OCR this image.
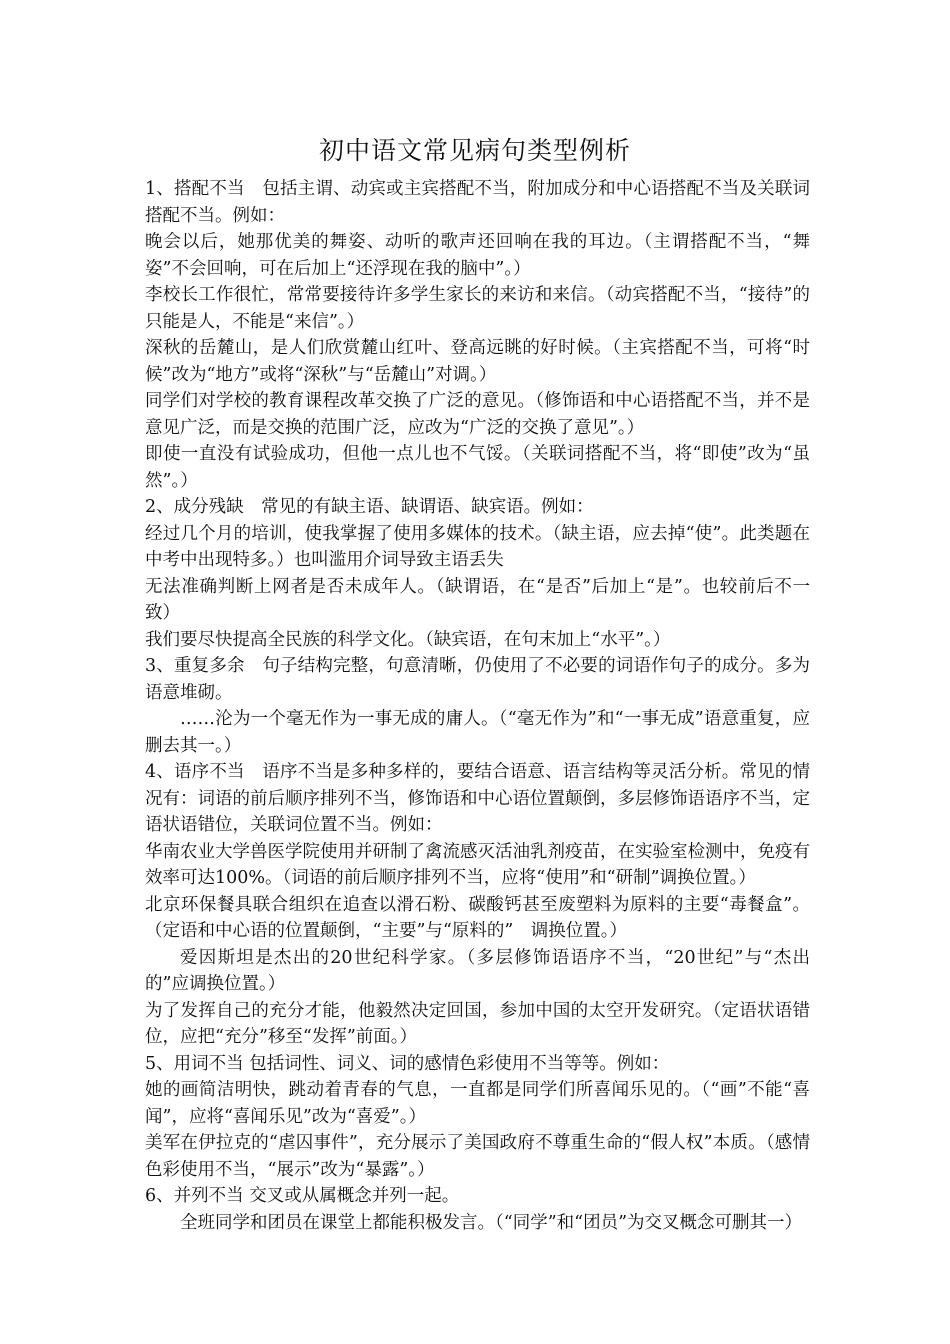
初中语文常见病句类型例析

1、搭配不当　包括主谓、动宾或主宾搭配不当，附加成分和中心语搭配不当及关联词搭配不当。例如：

晚会以后，她那优美的舞姿、动听的歌声还回响在我的耳边。（主谓搭配不当，“舞姿”不会回响，可在后加上“还浮现在我的脑中”。）

李校长工作很忙，常常要接待许多学生家长的来访和来信。（动宾搭配不当，“接待”的只能是人，不能是“来信”。）

深秋的岳麓山，是人们欣赏麓山红叶、登高远眺的好时候。（主宾搭配不当，可将“时候”改为“地方”或将“深秋”与“岳麓山”对调。）

同学们对学校的教育课程改革交换了广泛的意见。（修饰语和中心语搭配不当，并不是意见广泛，而是交换的范围广泛，应改为“广泛的交换了意见”。）

即使一直没有试验成功，但他一点儿也不气馁。（关联词搭配不当，将“即使”改为“虽然”。）

2、成分残缺　常见的有缺主语、缺谓语、缺宾语。例如：

经过几个月的培训，使我掌握了使用多媒体的技术。（缺主语，应去掉“使”。此类题在中考中出现特多。）也叫滥用介词导致主语丢失

无法准确判断上网者是否未成年人。（缺谓语，在“是否”后加上“是”。也较前后不一致）

我们要尽快提高全民族的科学文化。（缺宾语，在句末加上“水平”。）

3、重复多余　句子结构完整，句意清晰，仍使用了不必要的词语作句子的成分。多为语意堆砌。

……沦为一个毫无作为一事无成的庸人。（“毫无作为”和“一事无成”语意重复，应删去其一。）

4、语序不当　语序不当是多种多样的，要结合语意、语言结构等灵活分析。常见的情况有：词语的前后顺序排列不当，修饰语和中心语位置颠倒，多层修饰语语序不当，定语状语错位，关联词位置不当。例如：

华南农业大学兽医学院使用并研制了禽流感灭活油乳剂疫苗，在实验室检测中，免疫有效率可达100%。（词语的前后顺序排列不当，应将“使用”和“研制”调换位置。）

北京环保餐具联合组织在追查以滑石粉、碳酸钙甚至废塑料为原料的主要“毒餐盒”。（定语和中心语的位置颠倒，“主要”与“原料的”　调换位置。）

爱因斯坦是杰出的20世纪科学家。（多层修饰语语序不当，“20世纪”与“杰出的”应调换位置。）

为了发挥自己的充分才能，他毅然决定回国，参加中国的太空开发研究。（定语状语错位，应把“充分”移至“发挥”前面。）

5、用词不当 包括词性、词义、词的感情色彩使用不当等等。例如：

她的画简洁明快，跳动着青春的气息，一直都是同学们所喜闻乐见的。（“画”不能“喜闻”，应将“喜闻乐见”改为“喜爱”。）

美军在伊拉克的“虐囚事件”，充分展示了美国政府不尊重生命的“假人权”本质。（感情色彩使用不当，“展示”改为“暴露”。）

6、并列不当 交叉或从属概念并列一起。

全班同学和团员在课堂上都能积极发言。（“同学”和“团员”为交叉概念可删其一）
